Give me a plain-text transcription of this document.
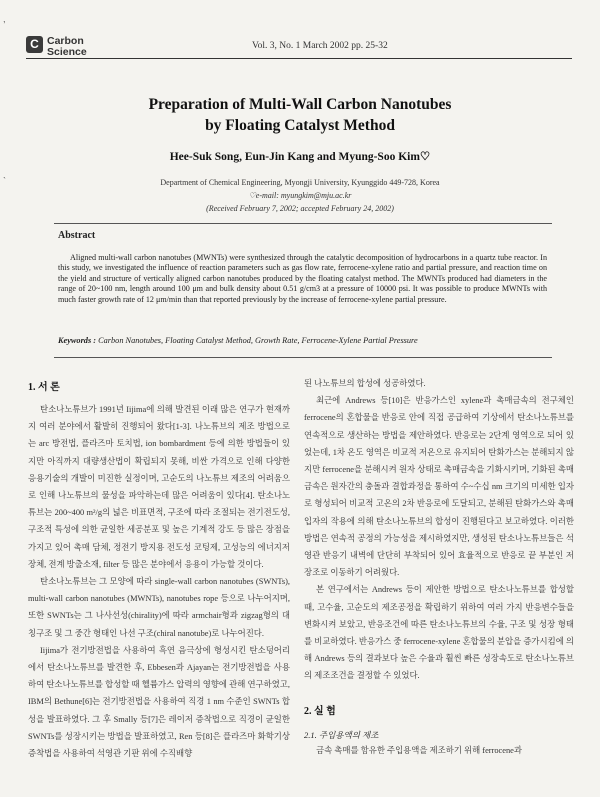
,
`
C Carbon
Science	Vol. 3, No. 1 March 2002 pp. 25-32
Preparation of Multi-Wall Carbon Nanotubes
by Floating Catalyst Method
Hee-Suk Song, Eun-Jin Kang and Myung-Soo Kim♡
Department of Chemical Engineering, Myongji University, Kyunggido 449-728, Korea
♡e-mail: myungkim@mju.ac.kr
(Received February 7, 2002; accepted February 24, 2002)
Abstract
Aligned multi-wall carbon nanotubes (MWNTs) were synthesized through the catalytic decomposition of hydrocarbons in a quartz tube reactor. In this study, we investigated the influence of reaction parameters such as gas flow rate, ferrocene-xylene ratio and partial pressure, and reaction time on the yield and structure of vertically aligned carbon nanotubes produced by the floating catalyst method. The MWNTs produced had diameters in the range of 20~100 nm, length around 100 μm and bulk density about 0.51 g/cm3 at a pressure of 10000 psi. It was possible to produce MWNTs with much faster growth rate of 12 μm/min than that reported previously by the increase of ferrocene-xylene partial pressure.
Keywords : Carbon Nanotubes, Floating Catalyst Method, Growth Rate, Ferrocene-Xylene Partial Pressure
1. 서 론

탄소나노튜브가 1991년 Iijima에 의해 발견된 이래 많은 연구가 현재까지 여러 분야에서 활발히 진행되어 왔다[1-3]. 나노튜브의 제조 방법으로는 arc 방전법, 플라즈마 토치법, ion bombardment 등에 의한 방법들이 있지만 아직까지 대량생산법이 확립되지 못해, 비싼 가격으로 인해 다양한 응용기술의 개발이 미진한 실정이며, 고순도의 나노튜브 제조의 어려움으로 인해 나노튜브의 물성을 파악하는데 많은 어려움이 있다[4]. 탄소나노튜브는 200~400 m²/g의 넓은 비표면적, 구조에 따라 조절되는 전기전도성, 구조적 특성에 의한 균일한 세공분포 및 높은 기계적 강도 등 많은 장점을 가지고 있어 촉매 담체, 정전기 방지용 전도성 코팅제, 고성능의 에너지저장체, 전계 방출소재, filter 등 많은 분야에서 응용이 가능할 것이다.

탄소나노튜브는 그 모양에 따라 single-wall carbon nanotubes (SWNTs), multi-wall carbon nanotubes (MWNTs), nanotubes rope 등으로 나누어지며, 또한 SWNTs는 그 나사선성(chirality)에 따라 armchair형과 zigzag형의 대칭구조 및 그 중간 형태인 나선 구조(chiral nanotube)로 나누어진다.

Iijima가 전기방전법을 사용하여 흑연 음극상에 형성시킨 탄소덩어리에서 탄소나노튜브를 발견한 후, Ebbesen과 Ajayan는 전기방전법을 사용하여 탄소나노튜브를 합성할 때 헬륨가스 압력의 영향에 관해 연구하였고, IBM의 Bethune[6]는 전기방전법을 사용하여 직경 1 nm 수준인 SWNTs 합성을 발표하였다. 그 후 Smally 등[7]은 레이저 증착법으로 직경이 균일한 SWNTs를 성장시키는 방법을 발표하였고, Ren 등[8]은 플라즈마 화학기상증착법을 사용하여 석영관 기판 위에 수직배향

된 나노튜브의 합성에 성공하였다.

최근에 Andrews 등[10]은 반응가스인 xylene과 촉매금속의 전구체인 ferrocene의 혼합물을 반응로 안에 직접 공급하여 기상에서 탄소나노튜브를 연속적으로 생산하는 방법을 제안하였다. 반응로는 2단계 영역으로 되어 있었는데, 1차 온도 영역은 비교적 저온으로 유지되어 탄화가스는 분해되지 않지만 ferrocene을 분해시켜 원자 상태로 촉매금속을 기화시키며, 기화된 촉매금속은 원자간의 충돌과 결합과정을 통하여 수~수십 nm 크기의 미세한 입자로 형성되어 비교적 고온의 2차 반응로에 도달되고, 분해된 탄화가스와 촉매입자의 작용에 의해 탄소나노튜브의 합성이 진행된다고 보고하였다. 이러한 방법은 연속적 공정의 가능성을 제시하였지만, 생성된 탄소나노튜브들은 석영관 반응기 내벽에 단단히 부착되어 있어 효율적으로 반응로 끝 부분인 저장조로 이동하기 어려웠다.

본 연구에서는 Andrews 등이 제안한 방법으로 탄소나노튜브를 합성할 때, 고수율, 고순도의 제조공정을 확립하기 위하여 여러 가지 반응변수들을 변화시켜 보았고, 반응조건에 따른 탄소나노튜브의 수율, 구조 및 성장 형태를 비교하였다. 반응가스 중 ferrocene-xylene 혼합물의 분압을 증가시킴에 의해 Andrews 등의 결과보다 높은 수율과 훨씬 빠른 성장속도로 탄소나노튜브의 제조조건을 결정할 수 있었다.

2. 실 험
2.1. 주입용액의 제조

금속 촉매를 함유한 주입용액을 제조하기 위해 ferrocene과
